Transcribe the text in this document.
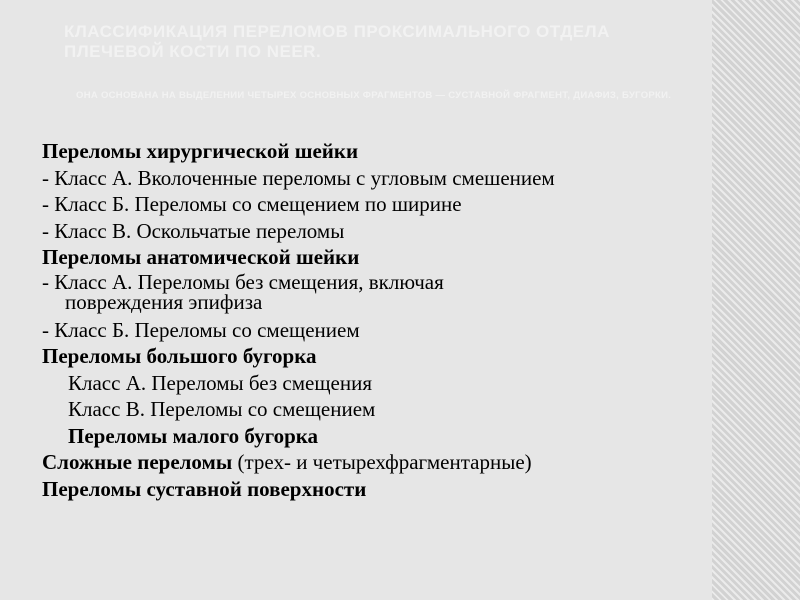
КЛАССИФИКАЦИЯ ПЕРЕЛОМОВ ПРОКСИМАЛЬНОГО ОТДЕЛА ПЛЕЧЕВОЙ КОСТИ ПО NEER.
ОНА ОСНОВАНА НА ВЫДЕЛЕНИИ ЧЕТЫРЕХ ОСНОВНЫХ ФРАГМЕНТОВ — СУСТАВНОЙ ФРАГМЕНТ, ДИАФИЗ, БУГОРКИ.
Переломы хирургической шейки
- Класс А. Вколоченные переломы с угловым смешением
- Класс Б. Переломы со смещением по ширине
- Класс В. Оскольчатые переломы
Переломы анатомической шейки
- Класс А. Переломы без смещения, включая
повреждения эпифиза
- Класс Б. Переломы со смещением
Переломы большого бугорка
Класс А. Переломы без смещения
Класс В. Переломы со смещением
Переломы малого бугорка
Сложные переломы (трех- и четырехфрагментарные)
Переломы суставной поверхности
